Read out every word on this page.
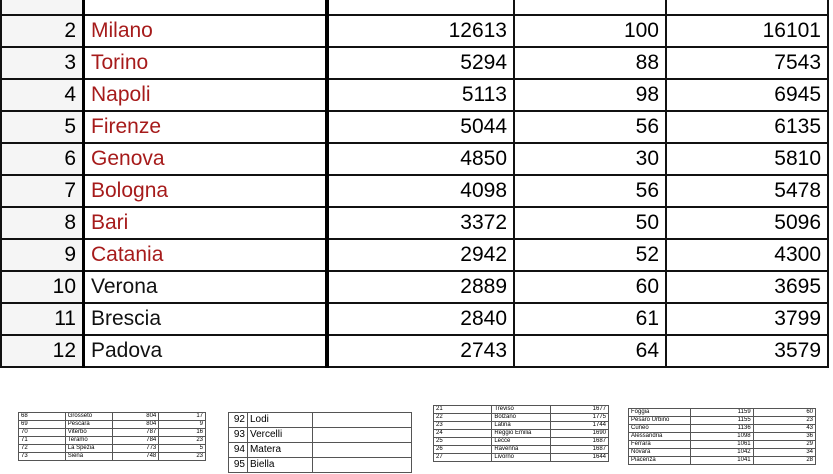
2	Milano	12613	100	16101
3	Torino	5294	88	7543
4	Napoli	5113	98	6945
5	Firenze	5044	56	6135
6	Genova	4850	30	5810
7	Bologna	4098	56	5478
8	Bari	3372	50	5096
9	Catania	2942	52	4300
10	Verona	2889	60	3695
11	Brescia	2840	61	3799
12	Padova	2743	64	3579
68	Grosseto	804	17
69	Pescara	804	9
70	Viterbo	787	16
71	Teramo	784	23
72	La Spezia	773	5
73	Siena	748	23
92	Lodi	
93	Vercelli	
94	Matera	
95	Biella	
21	Treviso	1677
22	Bolzano	1775
23	Latina	1744
24	Reggio Emilia	1690
25	Lecce	1687
26	Ravenna	1687
27	Livorno	1644
Foggia	1159	60
Pesaro Urbino	1155	23
Cuneo	1136	43
Alessandria	1098	36
Ferrara	1061	29
Novara	1042	34
Piacenza	1041	28
